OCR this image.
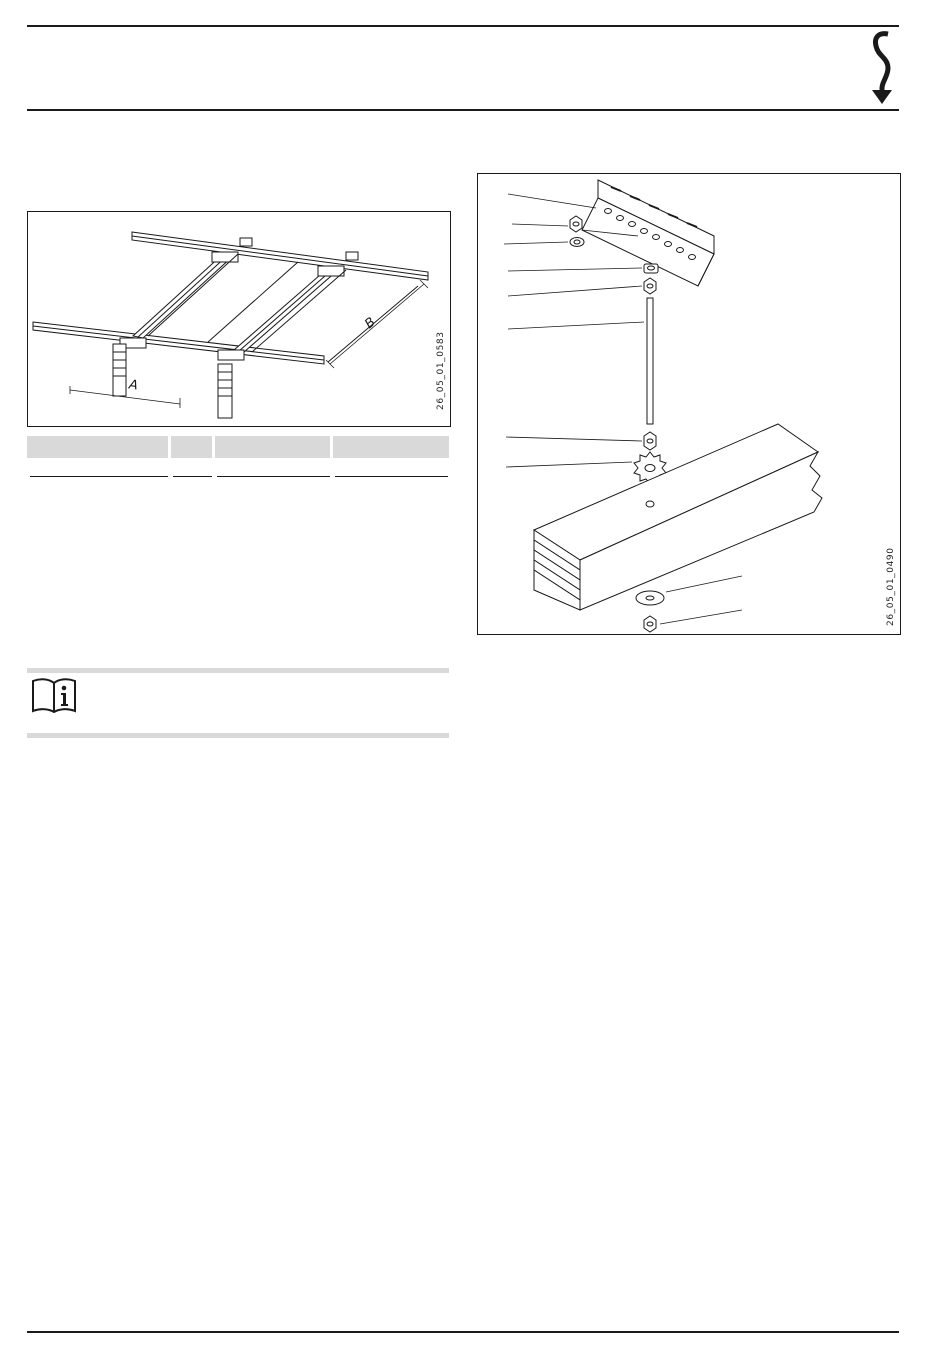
A
B
26_05_01_0583
26_05_01_0490
